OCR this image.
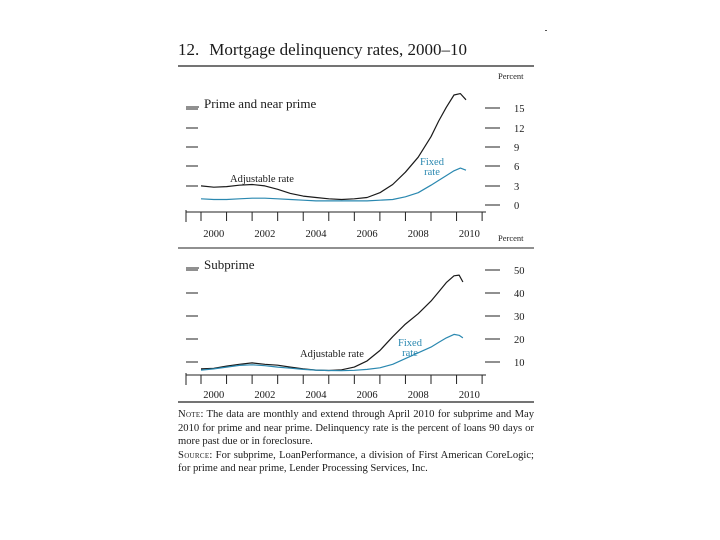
12. Mortgage delinquency rates, 2000–10
Percent
Prime and near prime
0
3
6
9
12
15
2000	2002	2004	2006	2008	2010
Adjustable rate
Fixed rate
Percent
Subprime
10
20
30
40
50
2000	2002	2004	2006	2008	2010
Adjustable rate
Fixed rate

Note: The data are monthly and extend through April 2010 for subprime and May 2010 for prime and near prime. Delinquency rate is the percent of loans 90 days or more past due or in foreclosure.

Source: For subprime, LoanPerformance, a division of First American CoreLogic; for prime and near prime, Lender Processing Services, Inc.
